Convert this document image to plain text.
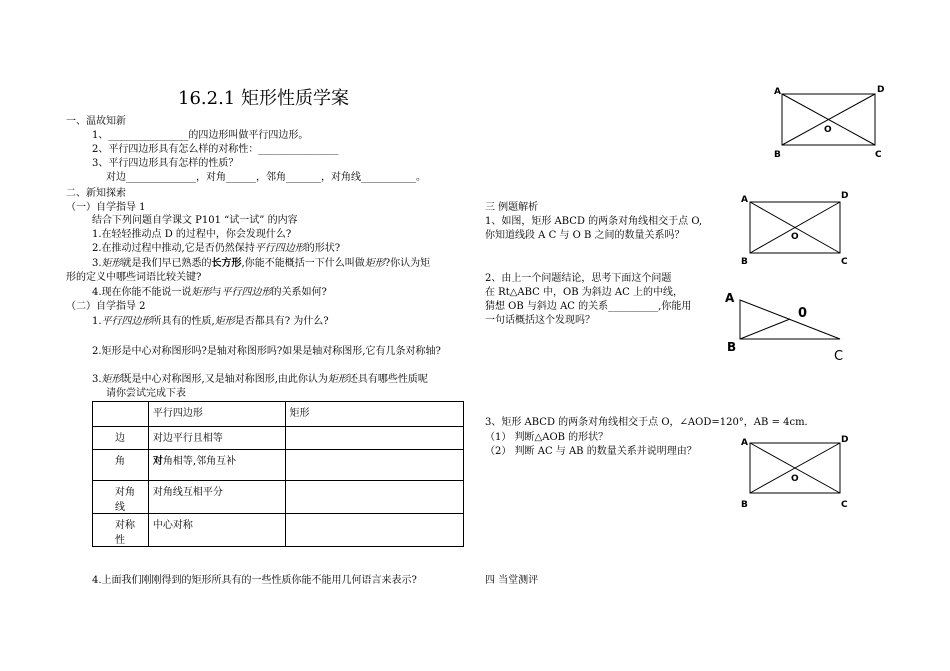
16.2.1 矩形性质学案
一、温故知新
1、________________的四边形叫做平行四边形。
2、平行四边形具有怎么样的对称性：________________
3、平行四边形具有怎样的性质？
对边______________，对角______，邻角_______，对角线___________。
二、新知探索
（一）自学指导 1
结合下列问题自学课文 P101 “试一试” 的内容
1.在轻轻推动点 D 的过程中，你会发现什么?
2.在推动过程中推动,它是否仍然保持平行四边形的形状?
3.矩形就是我们早已熟悉的长方形,你能不能概括一下什么叫做矩形?你认为矩
形的定义中哪些词语比较关键?
4.现在你能不能说一说矩形与平行四边形的关系如何?
（二）自学指导 2
1.平行四边形所具有的性质,矩形是否都具有? 为什么?
2.矩形是中心对称图形吗?是轴对称图形吗?如果是轴对称图形,它有几条对称轴?
3.矩形既是中心对称图形,又是轴对称图形,由此你认为矩形还具有哪些性质呢
请你尝试完成下表
	平行四边形	矩形
边	对边平行且相等	
角	对角相等,邻角互补	
对角线	对角线互相平分	
对称性	中心对称	
4.上面我们刚刚得到的矩形所具有的一些性质你能不能用几何语言来表示?
三 例题解析
1、如图，矩形 ABCD 的两条对角线相交于点 O,
你知道线段 A C 与 O B 之间的数量关系吗？
2、由上一个问题结论，思考下面这个问题
在 Rt△ABC 中，OB 为斜边 AC 上的中线，
猜想 OB 与斜边 AC 的关系__________,你能用
一句话概括这个发现吗？
3、矩形 ABCD 的两条对角线相交于点 O，∠AOD=120°，AB = 4cm.
（1） 判断△AOB 的形状？
（2） 判断 AC 与 AB 的数量关系并说明理由？
四 当堂测评
A	D
B	C
O
A	D
B	C
O
A
B
C
0
A	D
B	C
O
